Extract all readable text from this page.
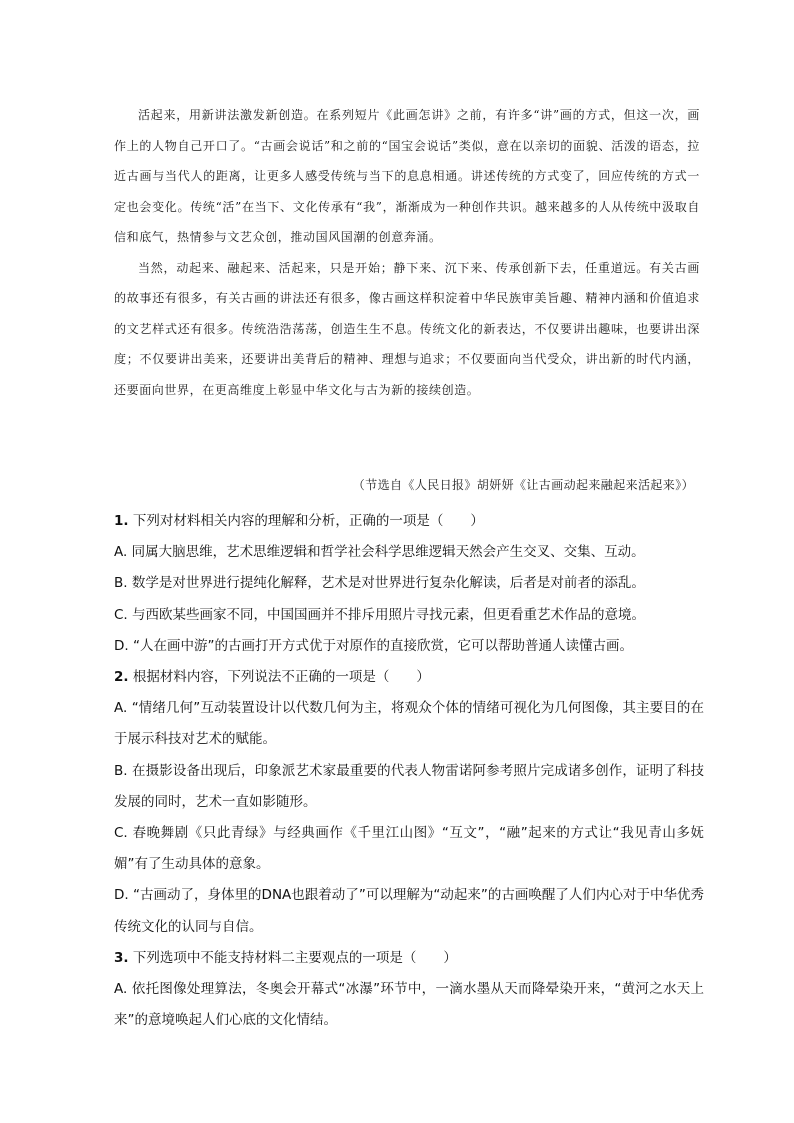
活起来，用新讲法激发新创造。在系列短片《此画怎讲》之前，有许多“讲”画的方式，但这一次，画作上的人物自己开口了。“古画会说话”和之前的“国宝会说话”类似，意在以亲切的面貌、活泼的语态，拉近古画与当代人的距离，让更多人感受传统与当下的息息相通。讲述传统的方式变了，回应传统的方式一定也会变化。传统“活”在当下、文化传承有“我”，渐渐成为一种创作共识。越来越多的人从传统中汲取自信和底气，热情参与文艺众创，推动国风国潮的创意奔涌。

当然，动起来、融起来、活起来，只是开始；静下来、沉下来、传承创新下去，任重道远。有关古画的故事还有很多，有关古画的讲法还有很多，像古画这样积淀着中华民族审美旨趣、精神内涵和价值追求的文艺样式还有很多。传统浩浩荡荡，创造生生不息。传统文化的新表达，不仅要讲出趣味，也要讲出深度；不仅要讲出美来，还要讲出美背后的精神、理想与追求；不仅要面向当代受众，讲出新的时代内涵，还要面向世界，在更高维度上彰显中华文化与古为新的接续创造。

（节选自《人民日报》胡妍妍《让古画动起来融起来活起来》）

1. 下列对材料相关内容的理解和分析，正确的一项是（　　）

A. 同属大脑思维，艺术思维逻辑和哲学社会科学思维逻辑天然会产生交叉、交集、互动。

B. 数学是对世界进行提纯化解释，艺术是对世界进行复杂化解读，后者是对前者的添乱。

C. 与西欧某些画家不同，中国国画并不排斥用照片寻找元素，但更看重艺术作品的意境。

D. “人在画中游”的古画打开方式优于对原作的直接欣赏，它可以帮助普通人读懂古画。

2. 根据材料内容，下列说法不正确的一项是（　　）

A. “情绪几何”互动装置设计以代数几何为主，将观众个体的情绪可视化为几何图像，其主要目的在于展示科技对艺术的赋能。

B. 在摄影设备出现后，印象派艺术家最重要的代表人物雷诺阿参考照片完成诸多创作，证明了科技发展的同时，艺术一直如影随形。

C. 春晚舞剧《只此青绿》与经典画作《千里江山图》“互文”，“融”起来的方式让“我见青山多妩媚”有了生动具体的意象。

D. “古画动了，身体里的DNA也跟着动了”可以理解为“动起来”的古画唤醒了人们内心对于中华优秀传统文化的认同与自信。

3. 下列选项中不能支持材料二主要观点的一项是（　　）

A. 依托图像处理算法，冬奥会开幕式“冰瀑”环节中，一滴水墨从天而降晕染开来，“黄河之水天上来”的意境唤起人们心底的文化情结。
